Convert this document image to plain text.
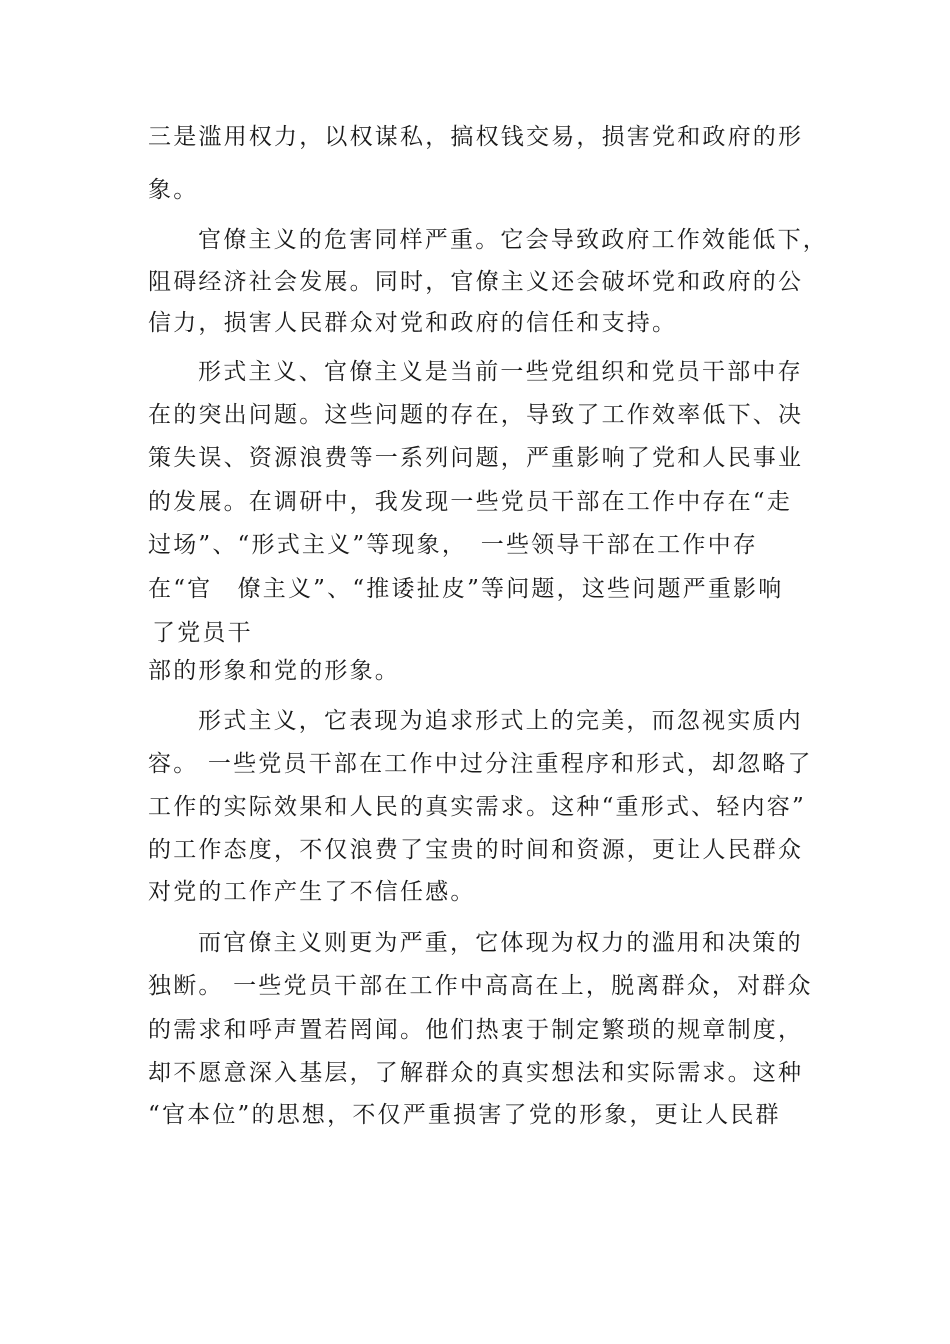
三是滥用权力，以权谋私，搞权钱交易，损害党和政府的形
象。
官僚主义的危害同样严重。它会导致政府工作效能低下，
阻碍经济社会发展。同时，官僚主义还会破坏党和政府的公
信力，损害人民群众对党和政府的信任和支持。
形式主义、官僚主义是当前一些党组织和党员干部中存
在的突出问题。这些问题的存在，导致了工作效率低下、决
策失误、资源浪费等一系列问题，严重影响了党和人民事业
的发展。在调研中，我发现一些党员干部在工作中存在“走
过场”、“形式主义”等现象，　一些领导干部在工作中存
在“官　僚主义”、“推诿扯皮”等问题，这些问题严重影响
了党员干
部的形象和党的形象。
形式主义，它表现为追求形式上的完美，而忽视实质内
容。 一些党员干部在工作中过分注重程序和形式，却忽略了
工作的实际效果和人民的真实需求。这种“重形式、轻内容”
的工作态度，不仅浪费了宝贵的时间和资源，更让人民群众
对党的工作产生了不信任感。
而官僚主义则更为严重，它体现为权力的滥用和决策的
独断。 一些党员干部在工作中高高在上，脱离群众，对群众
的需求和呼声置若罔闻。他们热衷于制定繁琐的规章制度，
却不愿意深入基层，了解群众的真实想法和实际需求。这种
“官本位”的思想，不仅严重损害了党的形象，更让人民群
